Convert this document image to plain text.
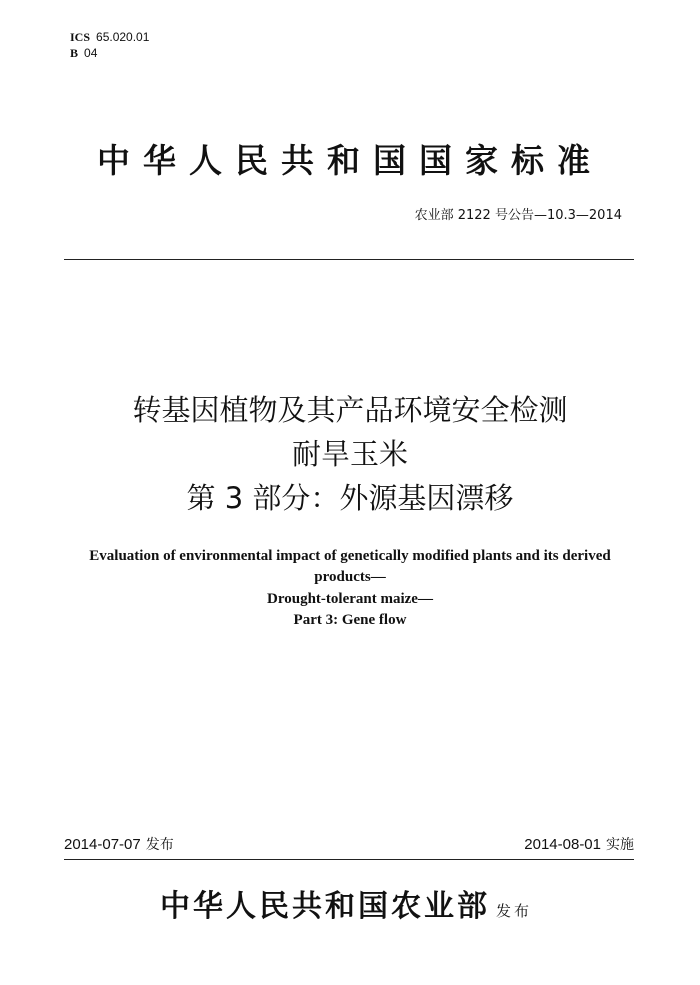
ICS 65.020.01
B 04
中华人民共和国国家标准
农业部 2122 号公告—10.3—2014
转基因植物及其产品环境安全检测
耐旱玉米
第 3 部分：外源基因漂移
Evaluation of environmental impact of genetically modified plants and its derived
products—
Drought-tolerant maize—
Part 3: Gene flow
2014-07-07 发布	2014-08-01 实施
中华人民共和国农业部 发布
